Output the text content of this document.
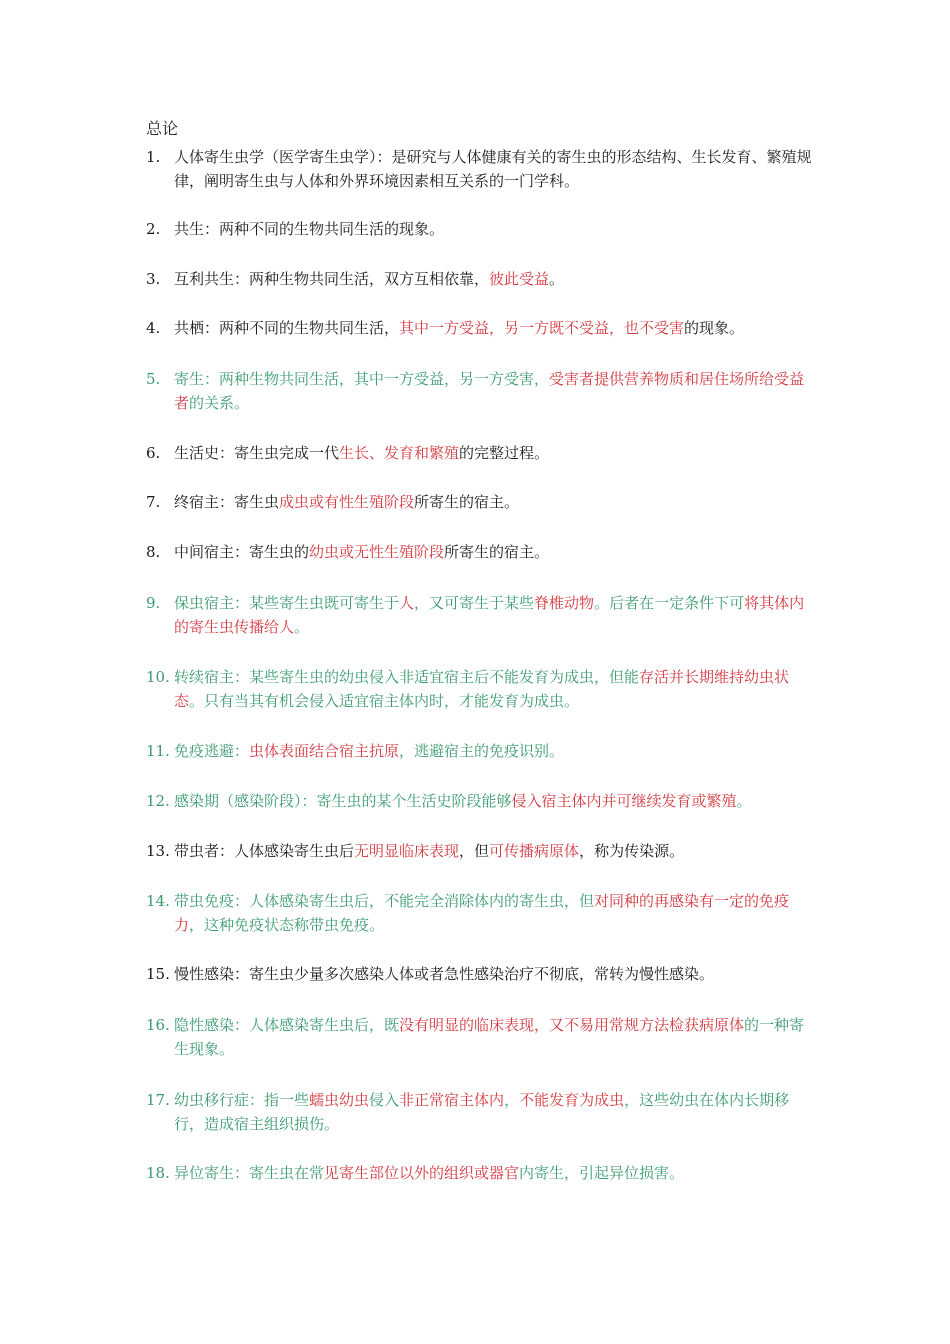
总论
1. 人体寄生虫学（医学寄生虫学）：是研究与人体健康有关的寄生虫的形态结构、生长发育、繁殖规律，阐明寄生虫与人体和外界环境因素相互关系的一门学科。
2. 共生：两种不同的生物共同生活的现象。
3. 互利共生：两种生物共同生活，双方互相依靠，彼此受益。
4. 共栖：两种不同的生物共同生活，其中一方受益，另一方既不受益，也不受害的现象。
5. 寄生：两种生物共同生活，其中一方受益，另一方受害，受害者提供营养物质和居住场所给受益者的关系。
6. 生活史：寄生虫完成一代生长、发育和繁殖的完整过程。
7. 终宿主：寄生虫成虫或有性生殖阶段所寄生的宿主。
8. 中间宿主：寄生虫的幼虫或无性生殖阶段所寄生的宿主。
9. 保虫宿主：某些寄生虫既可寄生于人，又可寄生于某些脊椎动物。后者在一定条件下可将其体内的寄生虫传播给人。
10. 转续宿主：某些寄生虫的幼虫侵入非适宜宿主后不能发育为成虫，但能存活并长期维持幼虫状态。只有当其有机会侵入适宜宿主体内时，才能发育为成虫。
11. 免疫逃避：虫体表面结合宿主抗原，逃避宿主的免疫识别。
12. 感染期（感染阶段）：寄生虫的某个生活史阶段能够侵入宿主体内并可继续发育或繁殖。
13. 带虫者：人体感染寄生虫后无明显临床表现，但可传播病原体，称为传染源。
14. 带虫免疫：人体感染寄生虫后，不能完全消除体内的寄生虫，但对同种的再感染有一定的免疫力，这种免疫状态称带虫免疫。
15. 慢性感染：寄生虫少量多次感染人体或者急性感染治疗不彻底，常转为慢性感染。
16. 隐性感染：人体感染寄生虫后，既没有明显的临床表现，又不易用常规方法检获病原体的一种寄生现象。
17. 幼虫移行症：指一些蠕虫幼虫侵入非正常宿主体内，不能发育为成虫，这些幼虫在体内长期移行，造成宿主组织损伤。
18. 异位寄生：寄生虫在常见寄生部位以外的组织或器官内寄生，引起异位损害。
